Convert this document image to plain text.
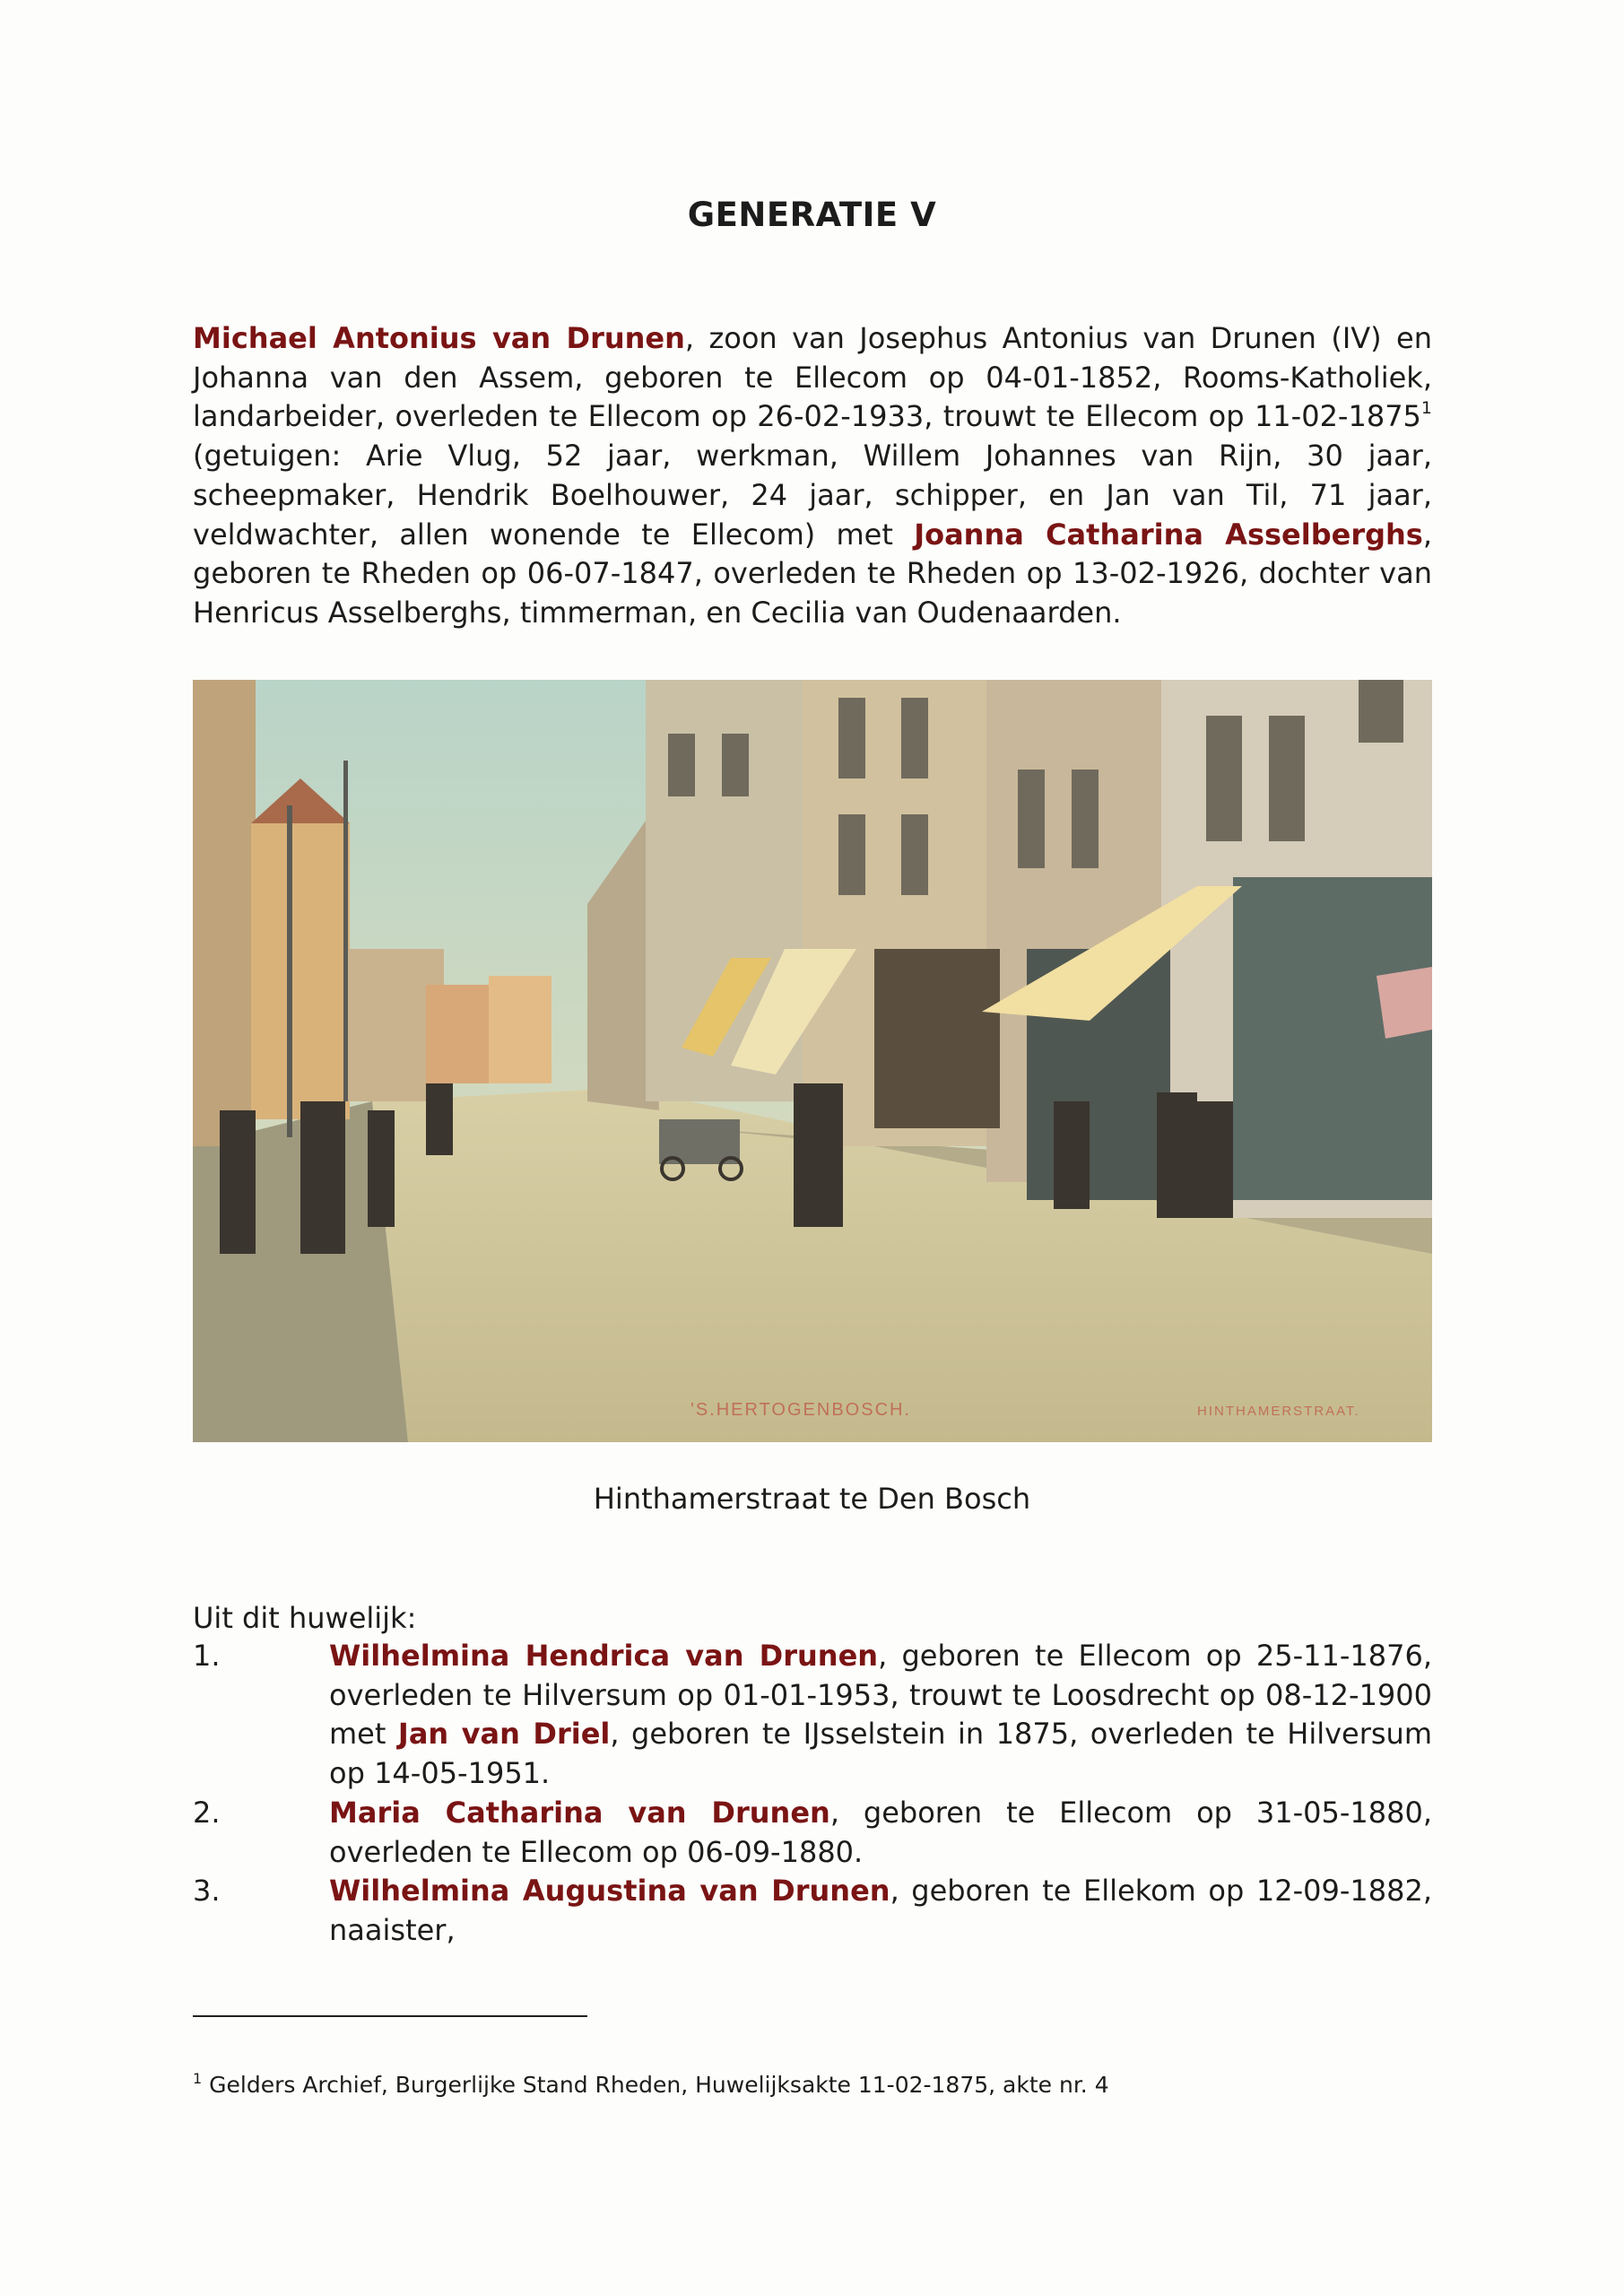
GENERATIE V

Michael Antonius van Drunen, zoon van Josephus Antonius van Drunen (IV) en Johanna van den Assem, geboren te Ellecom op 04-01-1852, Rooms-Katholiek, landarbeider, overleden te Ellecom op 26-02-1933, trouwt te Ellecom op 11-02-1875$^1$ (getuigen: Arie Vlug, 52 jaar, werkman, Willem Johannes van Rijn, 30 jaar, scheepmaker, Hendrik Boelhouwer, 24 jaar, schipper, en Jan van Til, 71 jaar, veldwachter, allen wonende te Ellecom) met Joanna Catharina Asselberghs, geboren te Rheden op 06-07-1847, overleden te Rheden op 13-02-1926, dochter van Henricus Asselberghs, timmerman, en Cecilia van Oudenaarden.

'S.HERTOGENBOSCH.	HINTHAMERSTRAAT.
Hinthamerstraat te Den Bosch
Uit dit huwelijk:
1.	Wilhelmina Hendrica van Drunen, geboren te Ellecom op 25-11-1876, overleden te Hilversum op 01-01-1953, trouwt te Loosdrecht op 08-12-1900 met Jan van Driel, geboren te IJsselstein in 1875, overleden te Hilversum op 14-05-1951.
2.	Maria Catharina van Drunen, geboren te Ellecom op 31-05-1880, overleden te Ellecom op 06-09-1880.
3.	Wilhelmina Augustina van Drunen, geboren te Ellekom op 12-09-1882, naaister,
$^1$ Gelders Archief, Burgerlijke Stand Rheden, Huwelijksakte 11-02-1875, akte nr. 4
